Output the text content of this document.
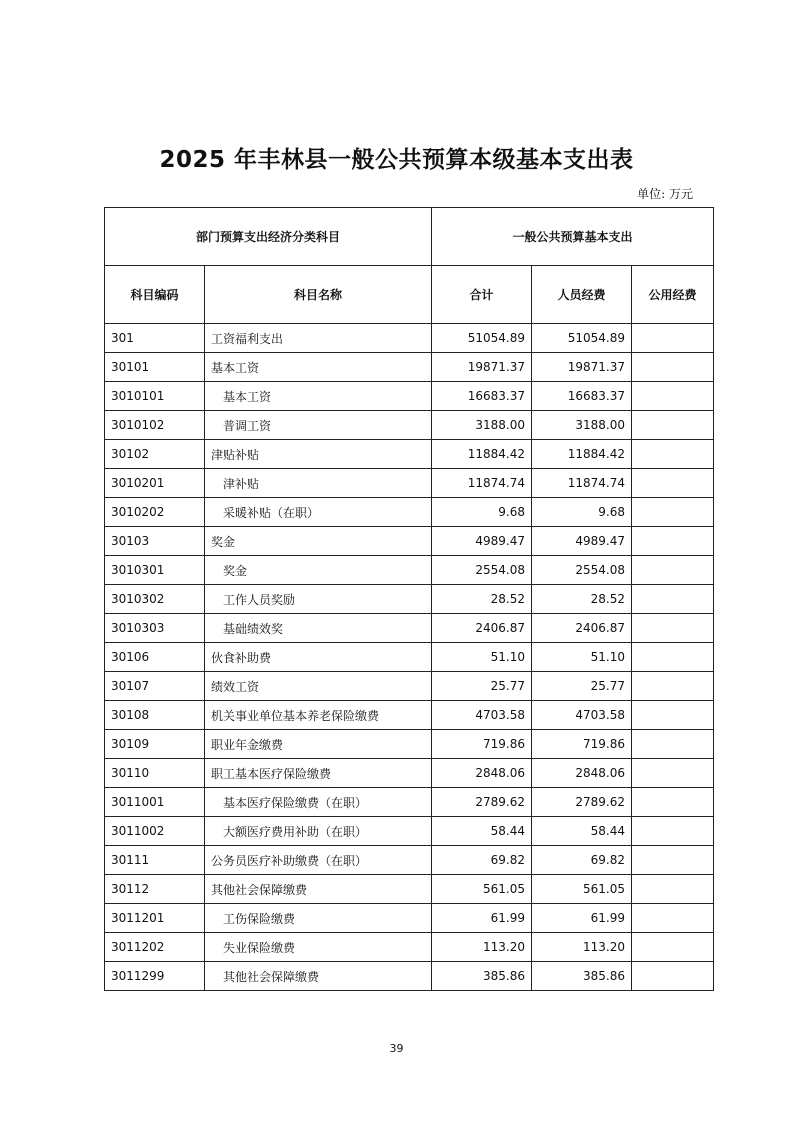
2025 年丰林县一般公共预算本级基本支出表
单位: 万元
部门预算支出经济分类科目		一般公共预算基本支出		
科目编码	科目名称	合计	人员经费	公用经费
301	工资福利支出	51054.89	51054.89	
30101	基本工资	19871.37	19871.37	
3010101	基本工资	16683.37	16683.37	
3010102	普调工资	3188.00	3188.00	
30102	津贴补贴	11884.42	11884.42	
3010201	津补贴	11874.74	11874.74	
3010202	采暖补贴（在职）	9.68	9.68	
30103	奖金	4989.47	4989.47	
3010301	奖金	2554.08	2554.08	
3010302	工作人员奖励	28.52	28.52	
3010303	基础绩效奖	2406.87	2406.87	
30106	伙食补助费	51.10	51.10	
30107	绩效工资	25.77	25.77	
30108	机关事业单位基本养老保险缴费	4703.58	4703.58	
30109	职业年金缴费	719.86	719.86	
30110	职工基本医疗保险缴费	2848.06	2848.06	
3011001	基本医疗保险缴费（在职）	2789.62	2789.62	
3011002	大额医疗费用补助（在职）	58.44	58.44	
30111	公务员医疗补助缴费（在职）	69.82	69.82	
30112	其他社会保障缴费	561.05	561.05	
3011201	工伤保险缴费	61.99	61.99	
3011202	失业保险缴费	113.20	113.20	
3011299	其他社会保障缴费	385.86	385.86	
39
